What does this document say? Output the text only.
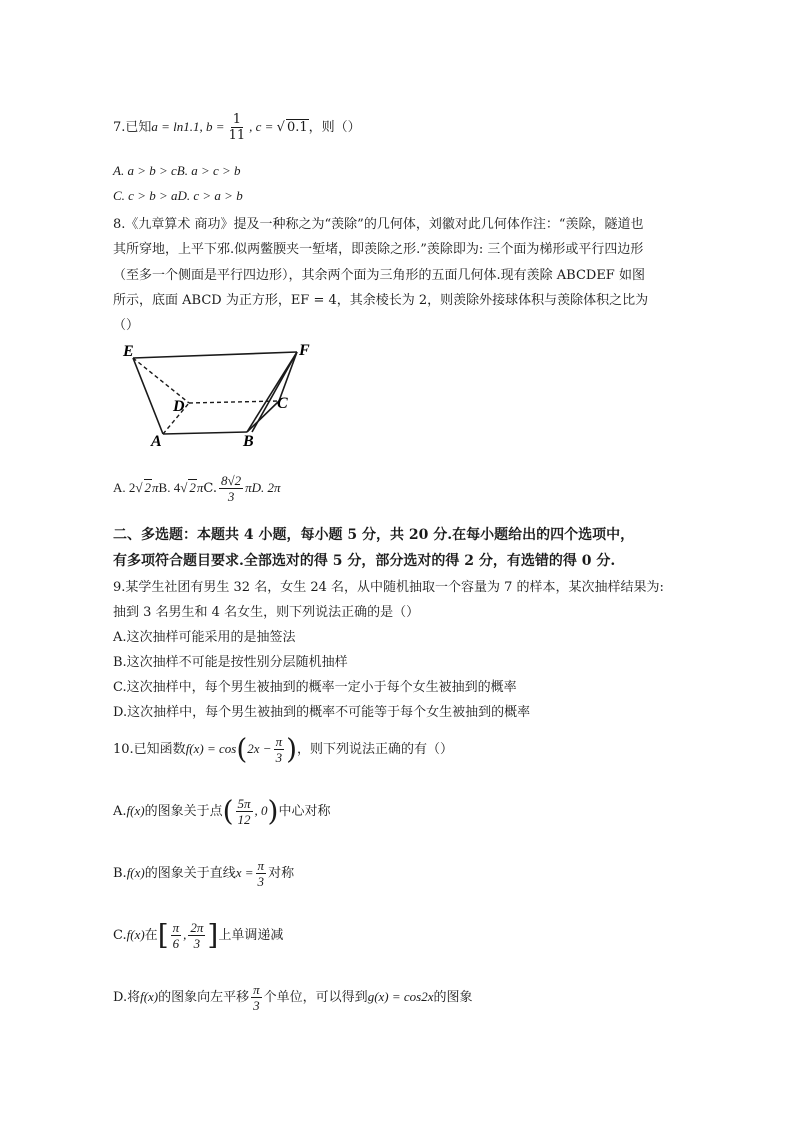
7.已知a = ln1.1, $b = \frac{1}{11}$ , c = √ 0.1，则（）
A. a > b > cB. a > c > b
C. c > b > aD. c > a > b
8.《九章算术 商功》提及一种称之为“羡除”的几何体，刘徽对此几何体作注：“羡除，隧道也
其所穿地，上平下邪.似两鳖腝夹一堑堵，即羡除之形.”羡除即为: 三个面为梯形或平行四边形
（至多一个侧面是平行四边形），其余两个面为三角形的五面几何体.现有羡除 ABCDEF 如图
所示，底面 ABCD 为正方形，EF = 4，其余棱长为 2，则羡除外接球体积与羡除体积之比为
（）
E	F
D	C
A	B
A. 2√ 2πB. 4√ 2πC. $\frac{8√2}{3} \pi D$. 2π
二、多选题：本题共 4 小题，每小题 5 分，共 20 分.在每小题给出的四个选项中，
有多项符合题目要求.全部选对的得 5 分，部分选对的得 2 分，有选错的得 0 分.
9.某学生社团有男生 32 名，女生 24 名，从中随机抽取一个容量为 7 的样本，某次抽样结果为:
抽到 3 名男生和 4 名女生，则下列说法正确的是（）
A.这次抽样可能采用的是抽签法
B.这次抽样不可能是按性别分层随机抽样
C.这次抽样中，每个男生被抽到的概率一定小于每个女生被抽到的概率
D.这次抽样中，每个男生被抽到的概率不可能等于每个女生被抽到的概率
10.已知函数$f(x) = \cos(2x - \frac{\pi}{3}$ )，则下列说法正确的有（）
A.f(x)的图象关于点( $\frac{5\pi}{12}$ , 0)中心对称
B.f(x)的图象关于直线$x = \frac{\pi}{3}$ 对称
C.f(x)在[ $\frac{\pi}{6}$ , $\frac{2\pi}{3}$ ]上单调递减
D.将f(x)的图象向左平移 $\frac{\pi}{3}$ 个单位，可以得到g(x) = cos2x的图象
